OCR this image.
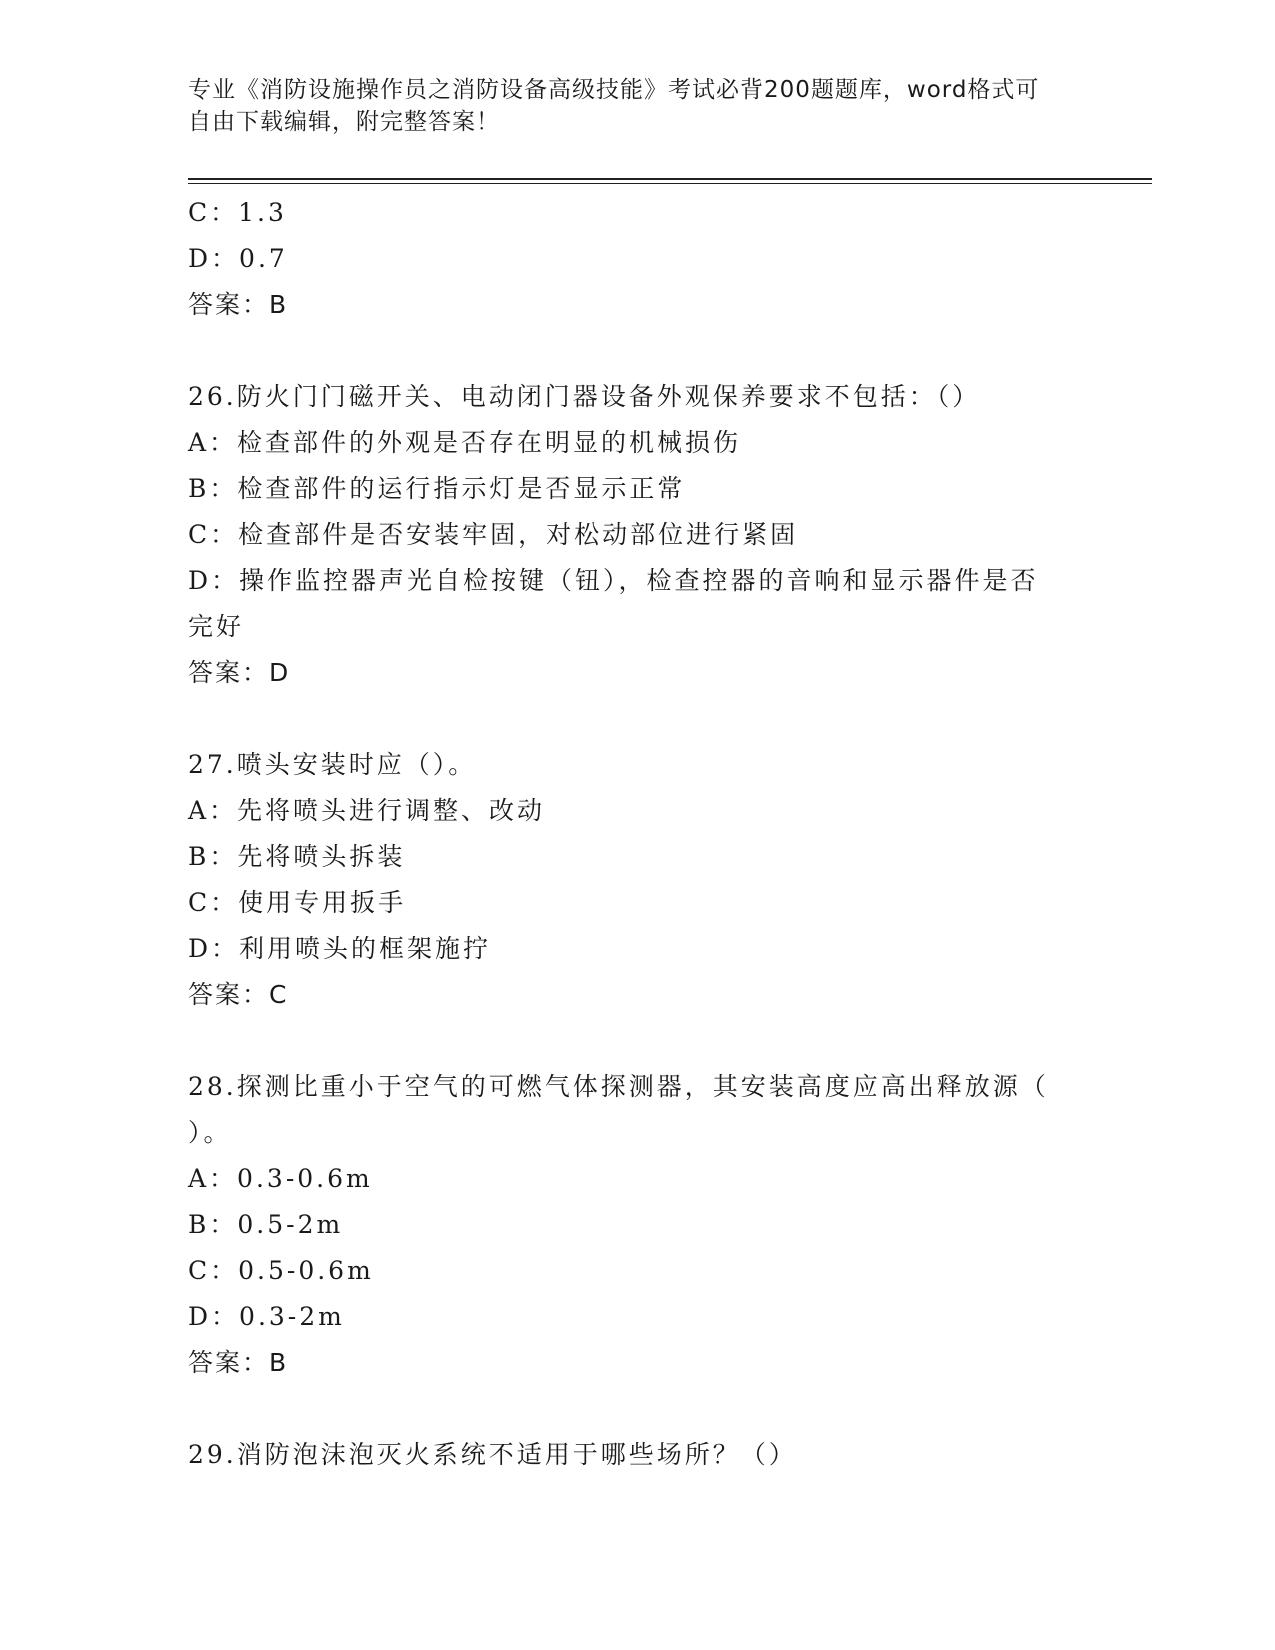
专业《消防设施操作员之消防设备高级技能》考试必背200题题库，word格式可
自由下载编辑，附完整答案！

C：1.3

D：0.7

答案：B

26.防火门门磁开关、电动闭门器设备外观保养要求不包括：（）

A：检查部件的外观是否存在明显的机械损伤

B：检查部件的运行指示灯是否显示正常

C：检查部件是否安装牢固，对松动部位进行紧固

D：操作监控器声光自检按键（钮），检查控器的音响和显示器件是否

完好

答案：D

27.喷头安装时应（）。

A：先将喷头进行调整、改动

B：先将喷头拆装

C：使用专用扳手

D：利用喷头的框架施拧

答案：C

28.探测比重小于空气的可燃气体探测器，其安装高度应高出释放源（

）。

A：0.3-0.6m

B：0.5-2m

C：0.5-0.6m

D：0.3-2m

答案：B

29.消防泡沫泡灭火系统不适用于哪些场所？（）
